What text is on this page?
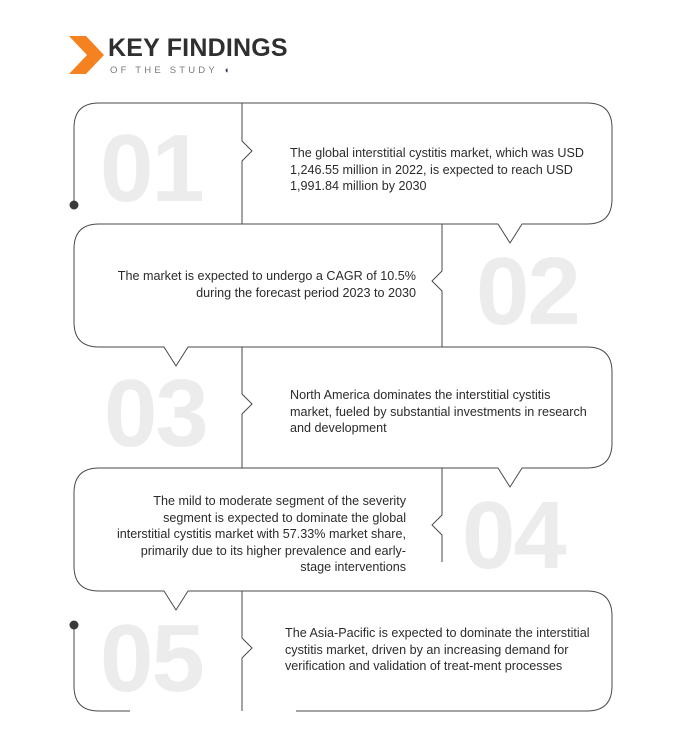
KEY FINDINGS
OF THE STUDY ◖
01	The global interstitial cystitis market, which was USD 1,246.55 million in 2022, is expected to reach USD 1,991.84 million by 2030
02
The market is expected to undergo a CAGR of 10.5% during the forecast period 2023 to 2030
03	North America dominates the interstitial cystitis market, fueled by substantial investments in research and development
04
The mild to moderate segment of the severity segment is expected to dominate the global interstitial cystitis market with 57.33% market share, primarily due to its higher prevalence and early-stage interventions
05	The Asia-Pacific is expected to dominate the interstitial cystitis market, driven by an increasing demand for verification and validation of treat-ment processes
